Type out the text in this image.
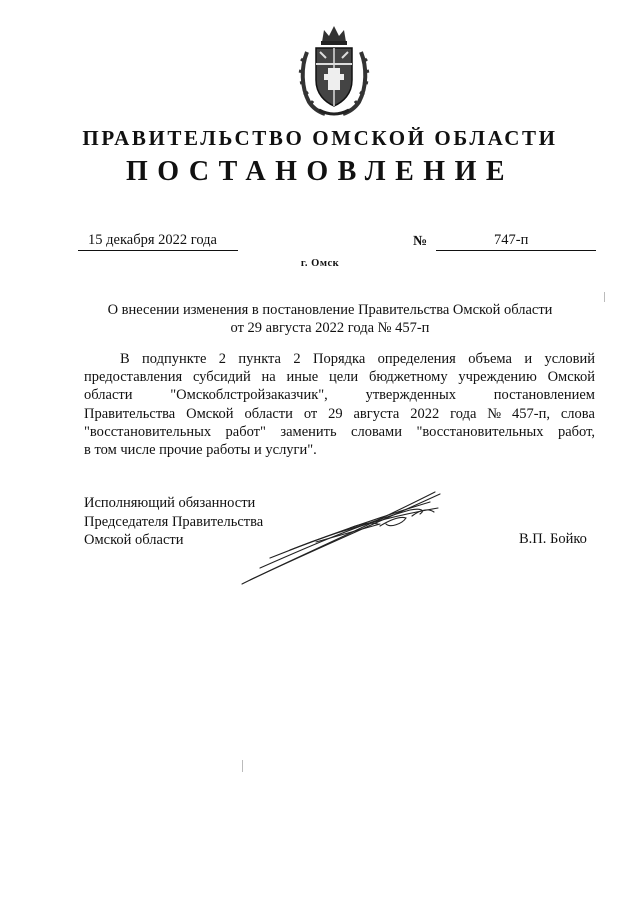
ПРАВИТЕЛЬСТВО ОМСКОЙ ОБЛАСТИ
ПОСТАНОВЛЕНИЕ
15 декабря 2022 года	№	747-п
г. Омск
О внесении изменения в постановление Правительства Омской области
от 29 августа 2022 года № 457-п
В подпункте 2 пункта 2 Порядка определения объема и условий
предоставления субсидий на иные цели бюджетному учреждению Омской
области	"Омскоблстройзаказчик",	утвержденных	постановлением
Правительства Омской области от 29 августа 2022 года № 457-п, слова
"восстановительных работ" заменить словами "восстановительных работ,
в том числе прочие работы и услуги".
Исполняющий обязанности
Председателя Правительства
Омской области	В.П. Бойко
